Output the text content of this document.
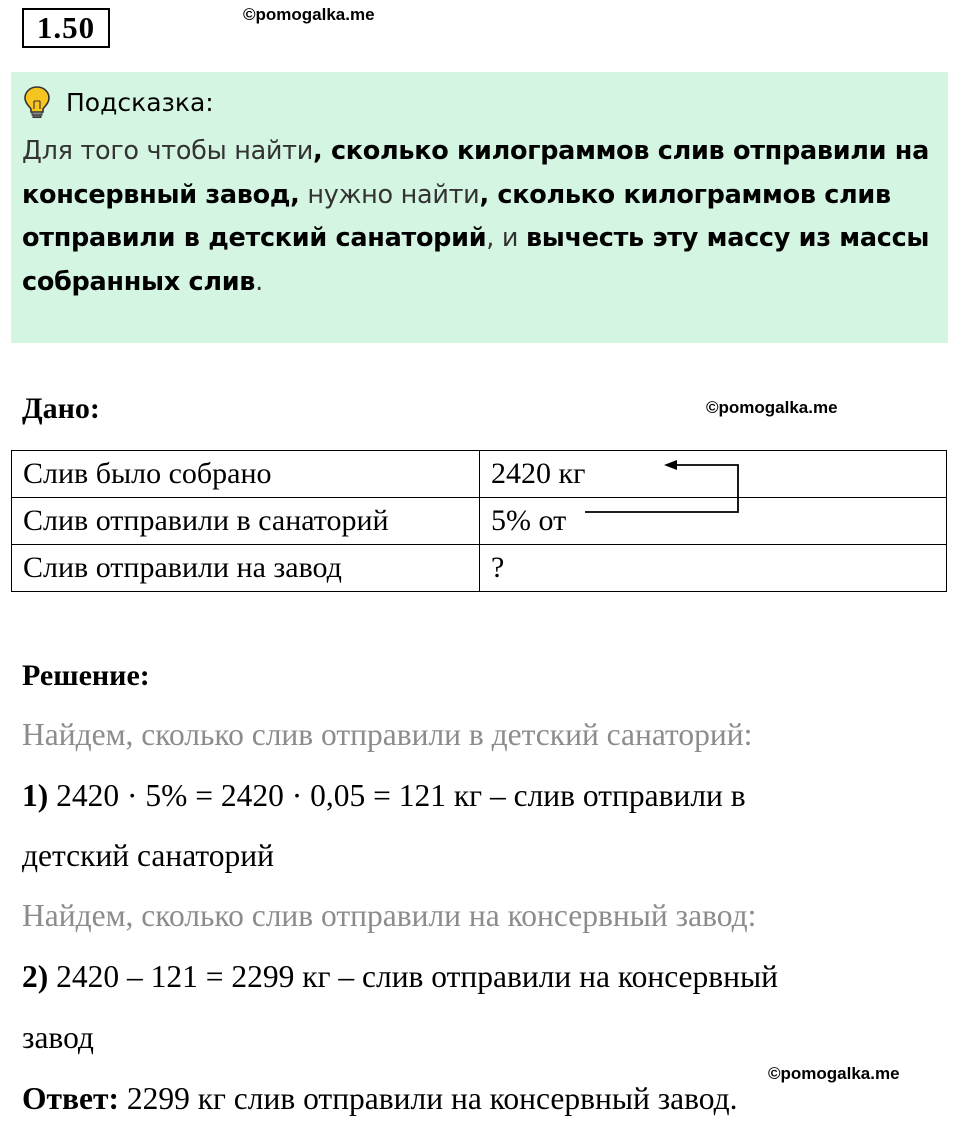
1.50	©pomogalka.me
Подсказка:
Для того чтобы найти, сколько килограммов слив отправили на консервный завод, нужно найти, сколько килограммов слив отправили в детский санаторий, и вычесть эту массу из массы собранных слив.
Дано:	©pomogalka.me
Слив было собрано	2420 кг
Слив отправили в санаторий	5% от
Слив отправили на завод	?
Решение:
Найдем, сколько слив отправили в детский санаторий:
1) 2420 · 5% = 2420 · 0,05 = 121 кг – слив отправили в
детский санаторий
Найдем, сколько слив отправили на консервный завод:
2) 2420 – 121 = 2299 кг – слив отправили на консервный
завод
©pomogalka.me
Ответ: 2299 кг слив отправили на консервный завод.
